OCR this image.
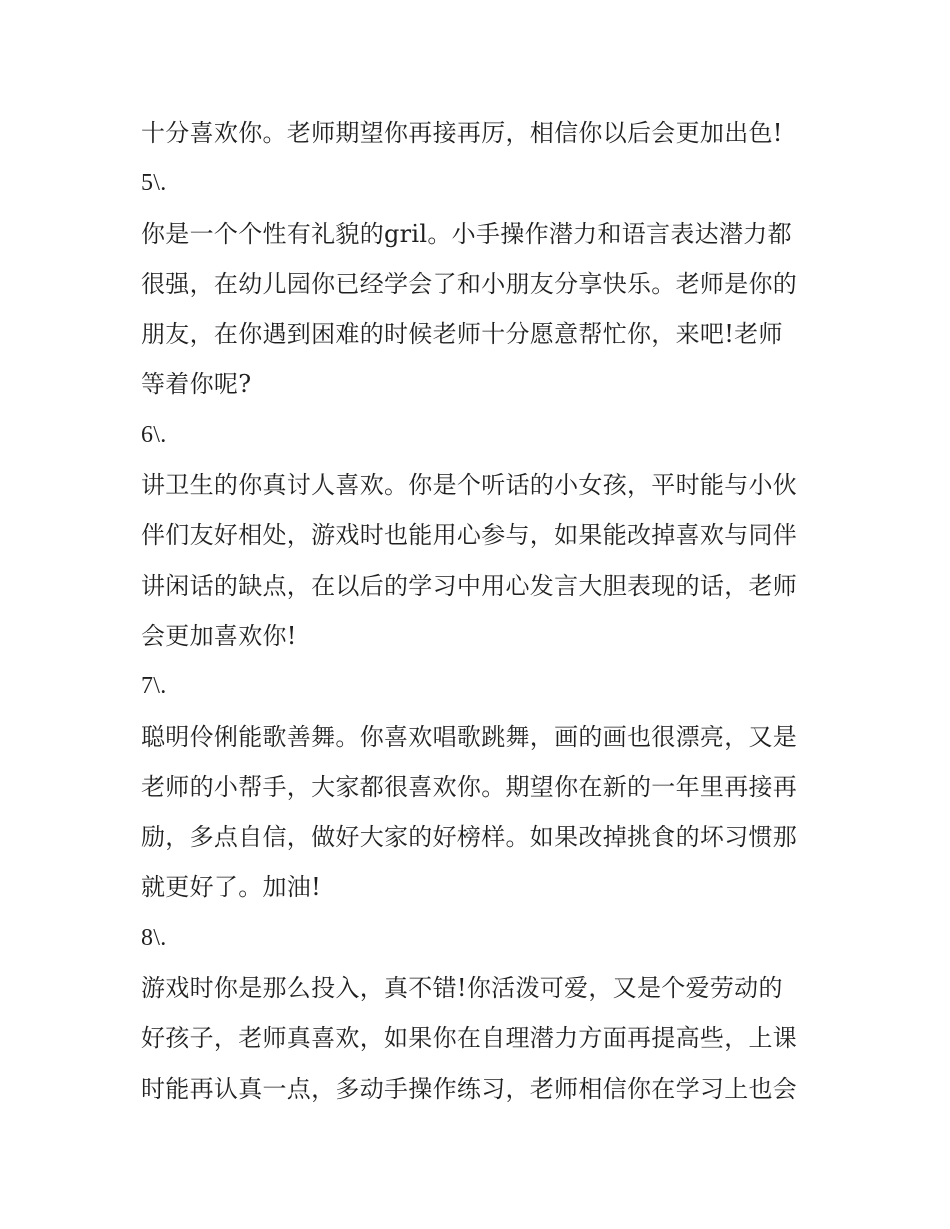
十分喜欢你。老师期望你再接再厉，相信你以后会更加出色!
5\.
你是一个个性有礼貌的gril。小手操作潜力和语言表达潜力都
很强，在幼儿园你已经学会了和小朋友分享快乐。老师是你的
朋友，在你遇到困难的时候老师十分愿意帮忙你，来吧!老师
等着你呢?
6\.
讲卫生的你真讨人喜欢。你是个听话的小女孩，平时能与小伙
伴们友好相处，游戏时也能用心参与，如果能改掉喜欢与同伴
讲闲话的缺点，在以后的学习中用心发言大胆表现的话，老师
会更加喜欢你!
7\.
聪明伶俐能歌善舞。你喜欢唱歌跳舞，画的画也很漂亮，又是
老师的小帮手，大家都很喜欢你。期望你在新的一年里再接再
励，多点自信，做好大家的好榜样。如果改掉挑食的坏习惯那
就更好了。加油!
8\.
游戏时你是那么投入，真不错!你活泼可爱，又是个爱劳动的
好孩子，老师真喜欢，如果你在自理潜力方面再提高些，上课
时能再认真一点，多动手操作练习，老师相信你在学习上也会
